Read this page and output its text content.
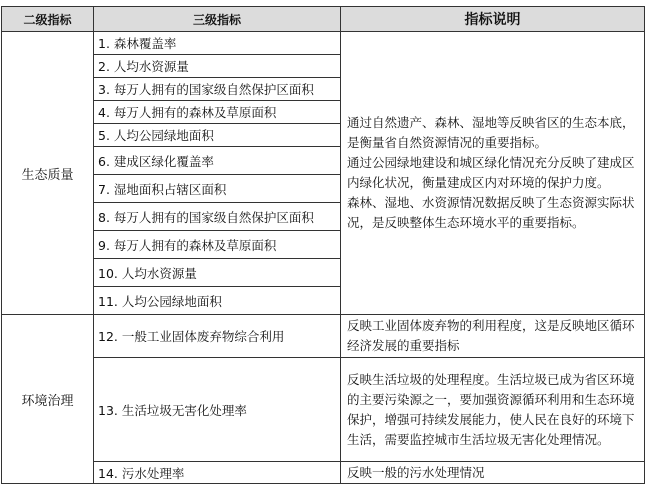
二级指标	三级指标	指标说明
生态质量	1. 森林覆盖率	通过自然遗产、森林、湿地等反映省区的生态本底，是衡量省自然资源情况的重要指标。
通过公园绿地建设和城区绿化情况充分反映了建成区内绿化状况，衡量建成区内对环境的保护力度。
森林、湿地、水资源情况数据反映了生态资源实际状况，是反映整体生态环境水平的重要指标。

	2. 人均水资源量	
	3. 每万人拥有的国家级自然保护区面积	
	4. 每万人拥有的森林及草原面积	
	5. 人均公园绿地面积	
	6. 建成区绿化覆盖率	
	7. 湿地面积占辖区面积	
	8. 每万人拥有的国家级自然保护区面积	
	9. 每万人拥有的森林及草原面积	
	10. 人均水资源量	
	11. 人均公园绿地面积	
环境治理	12. 一般工业固体废弃物综合利用	反映工业固体废弃物的利用程度，这是反映地区循环经济发展的重要指标
	13. 生活垃圾无害化处理率	反映生活垃圾的处理程度。生活垃圾已成为省区环境的主要污染源之一，要加强资源循环利用和生态环境保护，增强可持续发展能力，使人民在良好的环境下生活，需要监控城市生活垃圾无害化处理情况。
	14. 污水处理率	反映一般的污水处理情况
